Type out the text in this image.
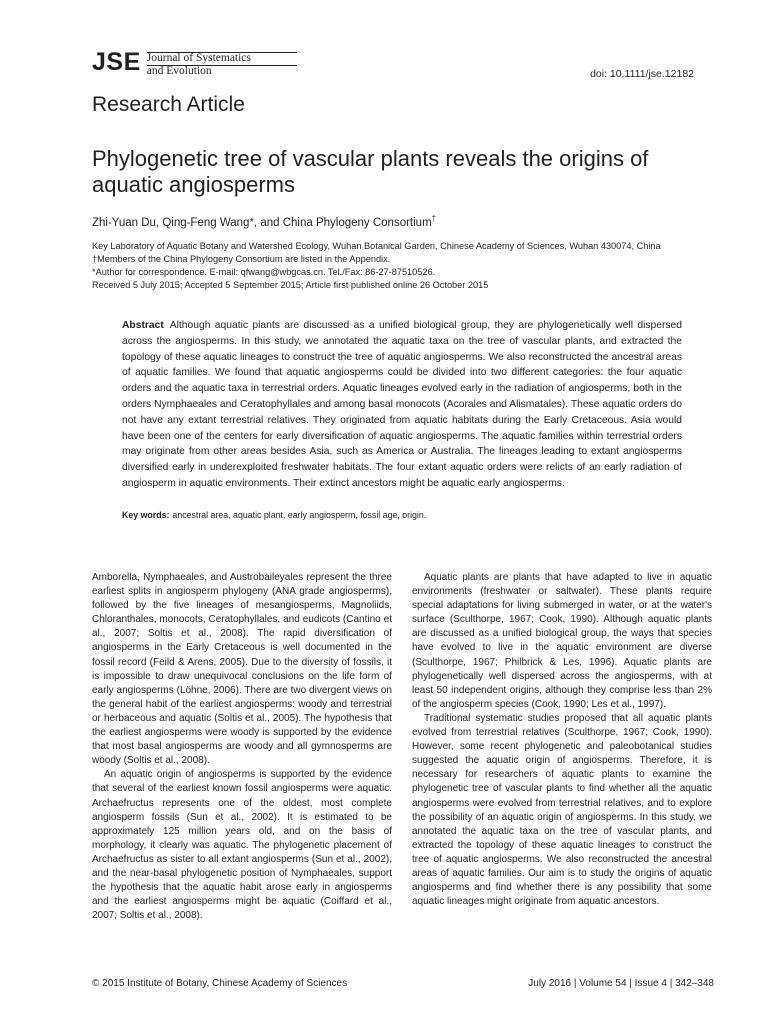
JSE Journal of Systematics
and Evolution	doi: 10.1111/jse.12182
Research Article
Phylogenetic tree of vascular plants reveals the origins of aquatic angiosperms
Zhi-Yuan Du, Qing-Feng Wang*, and China Phylogeny Consortium†
Key Laboratory of Aquatic Botany and Watershed Ecology, Wuhan Botanical Garden, Chinese Academy of Sciences, Wuhan 430074, China
†Members of the China Phylogeny Consortium are listed in the Appendix.
*Author for correspondence. E-mail: qfwang@wbgcas.cn. Tel./Fax: 86-27-87510526.
Received 5 July 2015; Accepted 5 September 2015; Article first published online 26 October 2015
Abstract Although aquatic plants are discussed as a unified biological group, they are phylogenetically well dispersed across the angiosperms. In this study, we annotated the aquatic taxa on the tree of vascular plants, and extracted the topology of these aquatic lineages to construct the tree of aquatic angiosperms. We also reconstructed the ancestral areas of aquatic families. We found that aquatic angiosperms could be divided into two different categories: the four aquatic orders and the aquatic taxa in terrestrial orders. Aquatic lineages evolved early in the radiation of angiosperms, both in the orders Nymphaeales and Ceratophyllales and among basal monocots (Acorales and Alismatales). These aquatic orders do not have any extant terrestrial relatives. They originated from aquatic habitats during the Early Cretaceous. Asia would have been one of the centers for early diversification of aquatic angiosperms. The aquatic families within terrestrial orders may originate from other areas besides Asia, such as America or Australia. The lineages leading to extant angiosperms diversified early in underexploited freshwater habitats. The four extant aquatic orders were relicts of an early radiation of angiosperm in aquatic environments. Their extinct ancestors might be aquatic early angiosperms.
Key words: ancestral area, aquatic plant, early angiosperm, fossil age, origin.

Amborella, Nymphaeales, and Austrobaileyales represent the three earliest splits in angiosperm phylogeny (ANA grade angiosperms), followed by the five lineages of mesangiosperms, Magnoliids, Chloranthales, monocots, Ceratophyllales, and eudicots (Cantino et al., 2007; Soltis et al., 2008). The rapid diversification of angiosperms in the Early Cretaceous is well documented in the fossil record (Feild & Arens, 2005). Due to the diversity of fossils, it is impossible to draw unequivocal conclusions on the life form of early angiosperms (Löhne, 2006). There are two divergent views on the general habit of the earliest angiosperms: woody and terrestrial or herbaceous and aquatic (Soltis et al., 2005). The hypothesis that the earliest angiosperms were woody is supported by the evidence that most basal angiosperms are woody and all gymnosperms are woody (Soltis et al., 2008).

An aquatic origin of angiosperms is supported by the evidence that several of the earliest known fossil angiosperms were aquatic. Archaefructus represents one of the oldest, most complete angiosperm fossils (Sun et al., 2002). It is estimated to be approximately 125 million years old, and on the basis of morphology, it clearly was aquatic. The phylogenetic placement of Archaefructus as sister to all extant angiosperms (Sun et al., 2002), and the near-basal phylogenetic position of Nymphaeales, support the hypothesis that the aquatic habit arose early in angiosperms and the earliest angiosperms might be aquatic (Coiffard et al., 2007; Soltis et al., 2008).

Aquatic plants are plants that have adapted to live in aquatic environments (freshwater or saltwater). These plants require special adaptations for living submerged in water, or at the water's surface (Sculthorpe, 1967; Cook, 1990). Although aquatic plants are discussed as a unified biological group, the ways that species have evolved to live in the aquatic environment are diverse (Sculthorpe, 1967; Philbrick & Les, 1996). Aquatic plants are phylogenetically well dispersed across the angiosperms, with at least 50 independent origins, although they comprise less than 2% of the angiosperm species (Cook, 1990; Les et al., 1997).

Traditional systematic studies proposed that all aquatic plants evolved from terrestrial relatives (Sculthorpe, 1967; Cook, 1990). However, some recent phylogenetic and paleobotanical studies suggested the aquatic origin of angiosperms. Therefore, it is necessary for researchers of aquatic plants to examine the phylogenetic tree of vascular plants to find whether all the aquatic angiosperms were evolved from terrestrial relatives, and to explore the possibility of an aquatic origin of angiosperms. In this study, we annotated the aquatic taxa on the tree of vascular plants, and extracted the topology of these aquatic lineages to construct the tree of aquatic angiosperms. We also reconstructed the ancestral areas of aquatic families. Our aim is to study the origins of aquatic angiosperms and find whether there is any possibility that some aquatic lineages might originate from aquatic ancestors.

© 2015 Institute of Botany, Chinese Academy of Sciences	July 2016 | Volume 54 | Issue 4 | 342–348
